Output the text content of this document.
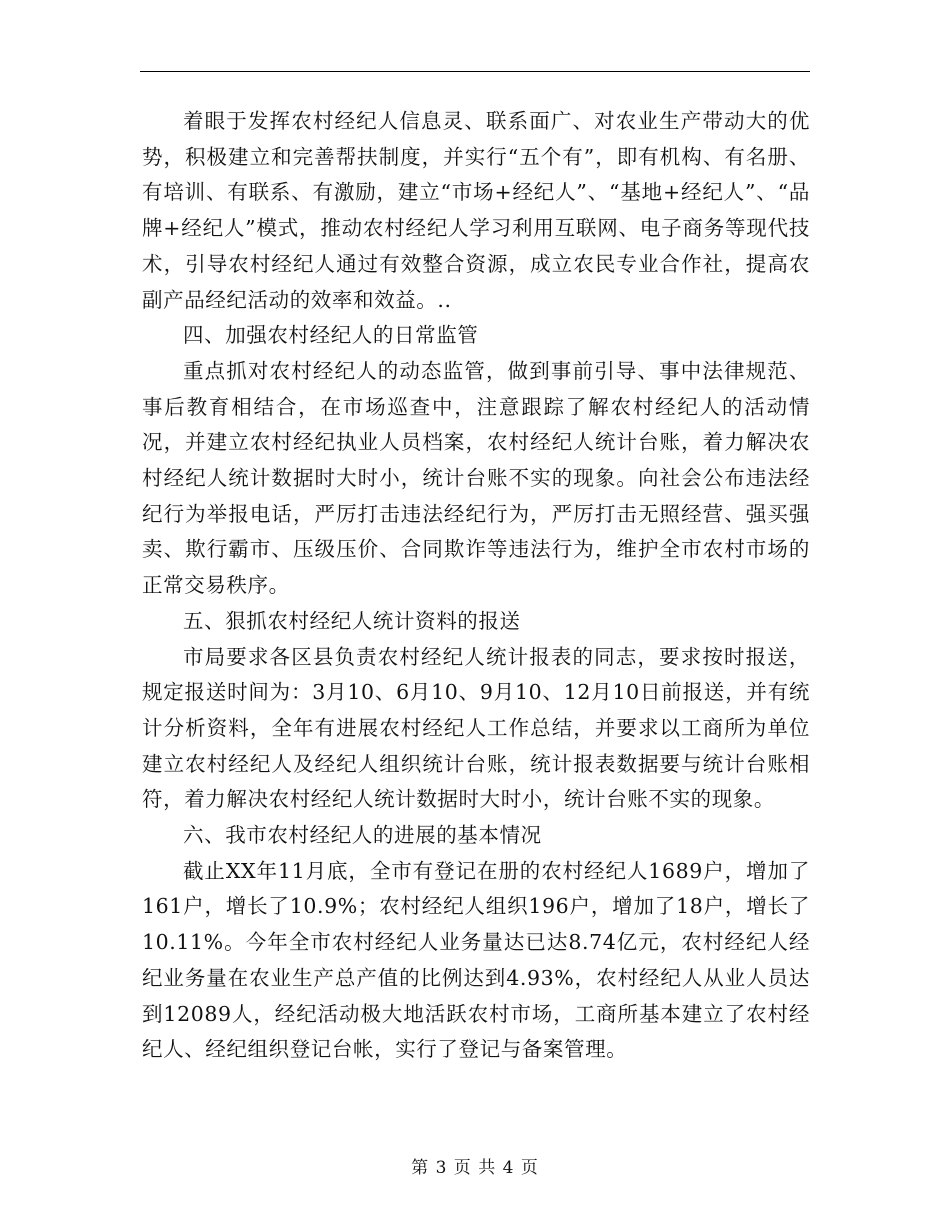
着眼于发挥农村经纪人信息灵、联系面广、对农业生产带动大的优势，积极建立和完善帮扶制度，并实行“五个有”，即有机构、有名册、有培训、有联系、有激励，建立“市场+经纪人”、“基地+经纪人”、“品牌+经纪人”模式，推动农村经纪人学习利用互联网、电子商务等现代技术，引导农村经纪人通过有效整合资源，成立农民专业合作社，提高农副产品经纪活动的效率和效益。..

四、加强农村经纪人的日常监管

重点抓对农村经纪人的动态监管，做到事前引导、事中法律规范、事后教育相结合，在市场巡查中，注意跟踪了解农村经纪人的活动情况，并建立农村经纪执业人员档案，农村经纪人统计台账，着力解决农村经纪人统计数据时大时小，统计台账不实的现象。向社会公布违法经纪行为举报电话，严厉打击违法经纪行为，严厉打击无照经营、强买强卖、欺行霸市、压级压价、合同欺诈等违法行为，维护全市农村市场的正常交易秩序。

五、狠抓农村经纪人统计资料的报送

市局要求各区县负责农村经纪人统计报表的同志，要求按时报送，规定报送时间为：3月10、6月10、9月10、12月10日前报送，并有统计分析资料，全年有进展农村经纪人工作总结，并要求以工商所为单位建立农村经纪人及经纪人组织统计台账，统计报表数据要与统计台账相符，着力解决农村经纪人统计数据时大时小，统计台账不实的现象。

六、我市农村经纪人的进展的基本情况

截止XX年11月底，全市有登记在册的农村经纪人1689户，增加了161户，增长了10.9%；农村经纪人组织196户，增加了18户，增长了10.11%。今年全市农村经纪人业务量达已达8.74亿元，农村经纪人经纪业务量在农业生产总产值的比例达到4.93%，农村经纪人从业人员达到12089人，经纪活动极大地活跃农村市场，工商所基本建立了农村经纪人、经纪组织登记台帐，实行了登记与备案管理。

第 3 页 共 4 页
